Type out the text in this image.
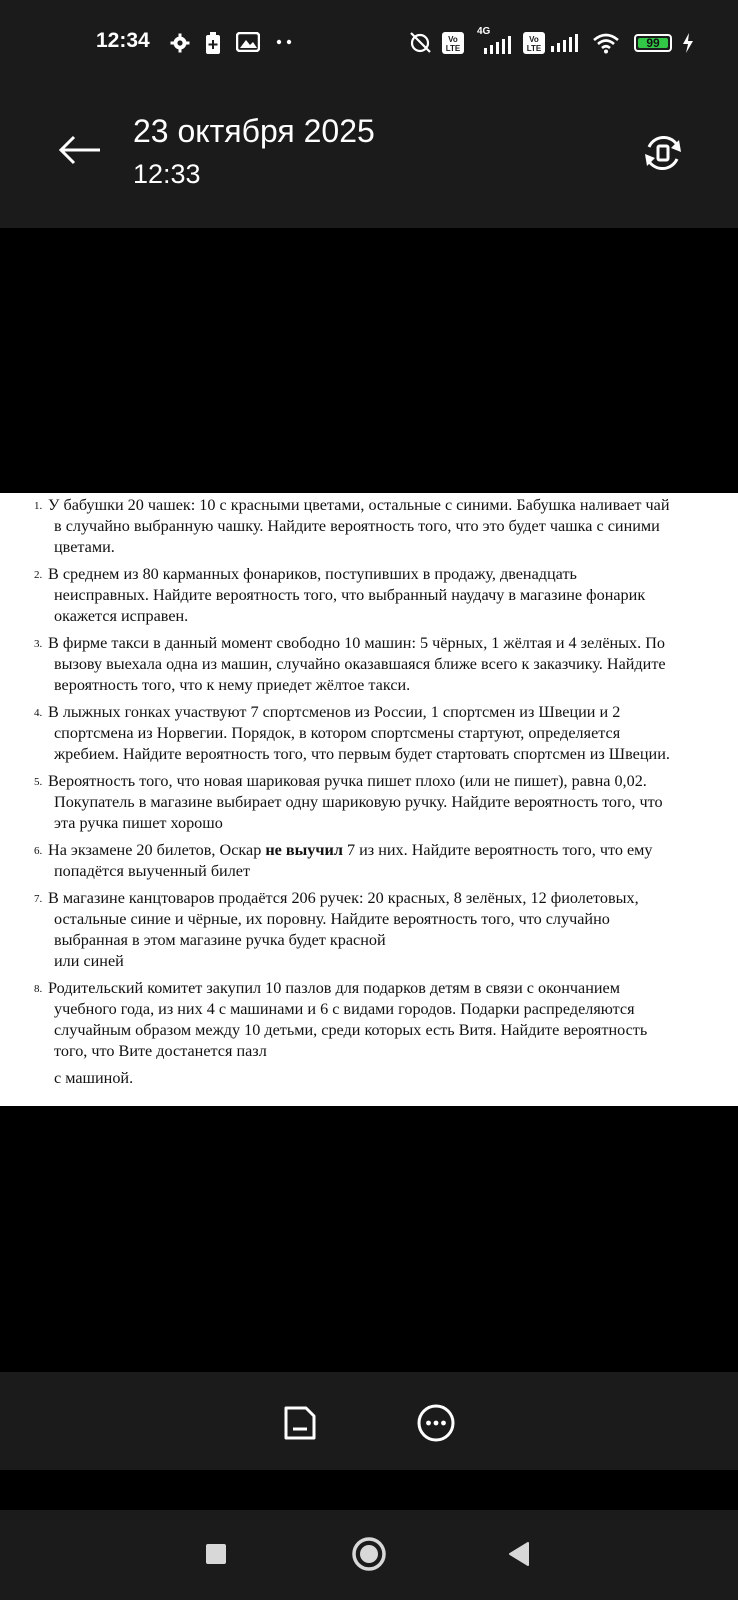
12:34	Vo
LTE
4G
Vo
LTE	99
23 октября 2025
12:33
1. У бабушки 20 чашек: 10 с красными цветами, остальные с синими. Бабушка наливает чай

в случайно выбранную чашку. Найдите вероятность того, что это будет чашка с синими

цветами.

2. В среднем из 80 карманных фонариков, поступивших в продажу, двенадцать

неисправных. Найдите вероятность того, что выбранный наудачу в магазине фонарик

окажется исправен.

3. В фирме такси в данный момент свободно 10 машин: 5 чёрных, 1 жёлтая и 4 зелёных. По

вызову выехала одна из машин, случайно оказавшаяся ближе всего к заказчику. Найдите

вероятность того, что к нему приедет жёлтое такси.

4. В лыжных гонках участвуют 7 спортсменов из России, 1 спортсмен из Швеции и 2

спортсмена из Норвегии. Порядок, в котором спортсмены стартуют, определяется

жребием. Найдите вероятность того, что первым будет стартовать спортсмен из Швеции.

5. Вероятность того, что новая шариковая ручка пишет плохо (или не пишет), равна 0,02.

Покупатель в магазине выбирает одну шариковую ручку. Найдите вероятность того, что

эта ручка пишет хорошо

6. На экзамене 20 билетов, Оскар не выучил 7 из них. Найдите вероятность того, что ему

попадётся выученный билет

7. В магазине канцтоваров продаётся 206 ручек: 20 красных, 8 зелёных, 12 фиолетовых,

остальные синие и чёрные, их поровну. Найдите вероятность того, что случайно

выбранная в этом магазине ручка будет красной

или синей

8. Родительский комитет закупил 10 пазлов для подарков детям в связи с окончанием

учебного года, из них 4 с машинами и 6 с видами городов. Подарки распределяются

случайным образом между 10 детьми, среди которых есть Витя. Найдите вероятность

того, что Вите достанется пазл

с машиной.
